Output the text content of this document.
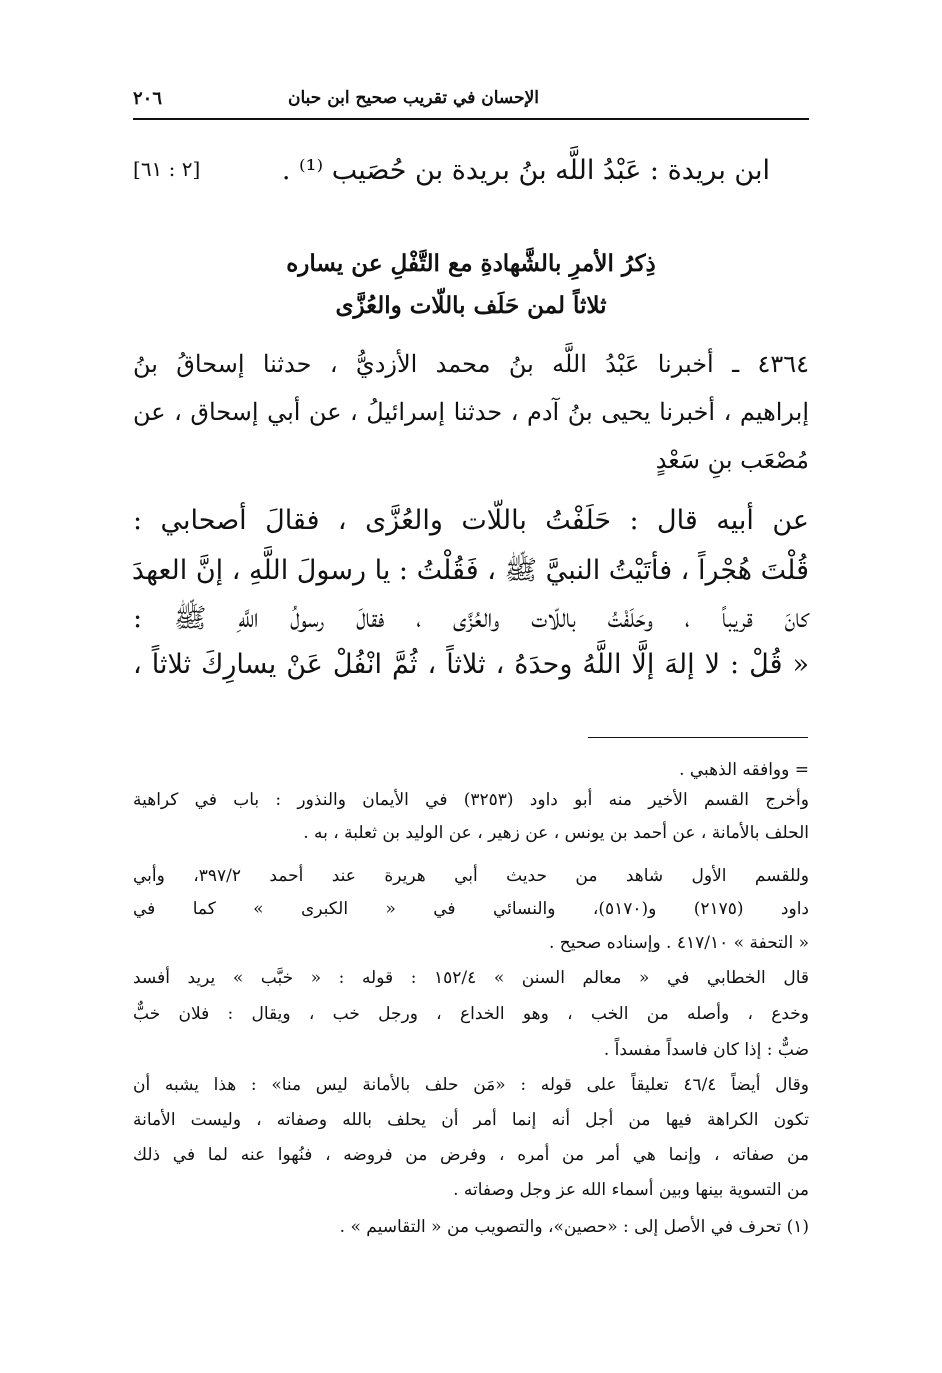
الإحسان في تقريب صحيح ابن حبان
٢٠٦
ابن بريدة : عَبْدُ اللَّه بنُ بريدة بن حُصَيب ⁽¹⁾ .
[٢ : ٦١]
ذِكرُ الأمرِ بالشَّهادةِ مع التَّفْلِ عن يساره
ثلاثاً لمن حَلَف باللّات والعُزَّى
٤٣٦٤ ـ أخبرنا عَبْدُ اللَّه بنُ محمد الأزديُّ ، حدثنا إسحاقُ بنُ
إبراهيم ، أخبرنا يحيى بنُ آدم ، حدثنا إسرائيلُ ، عن أبي إسحاق ، عن
مُصْعَب بنِ سَعْدٍ
عن أبيه قال : حَلَفْتُ باللّات والعُزَّى ، فقالَ أصحابي :
قُلْتَ هُجْراً ، فأتَيْتُ النبيَّ ﷺ ، فَقُلْتُ : يا رسولَ اللَّهِ ، إنَّ العهدَ
كانَ قريباً ، وحَلَفْتُ باللّات والعُزَّى ، فقالَ رسولُ اللَّهِ ﷺ :
« قُلْ : لا إلهَ إلَّا اللَّهُ وحدَهُ ، ثلاثاً ، ثُمَّ انْفُلْ عَنْ يسارِكَ ثلاثاً ،
= ووافقه الذهبي .
وأخرج القسم الأخير منه أبو داود (٣٢٥٣) في الأيمان والنذور : باب في كراهية
الحلف بالأمانة ، عن أحمد بن يونس ، عن زهير ، عن الوليد بن ثعلبة ، به .
وللقسم الأول شاهد من حديث أبي هريرة عند أحمد ٣٩٧/٢، وأبي
داود (٢١٧٥) و(٥١٧٠)، والنسائي في « الكبرى » كما في
« التحفة » ٤١٧/١٠ . وإسناده صحيح .
قال الخطابي في « معالم السنن » ١٥٢/٤ : قوله : « خبَّب » يريد أفسد
وخدع ، وأصله من الخب ، وهو الخداع ، ورجل خب ، ويقال : فلان خبٌّ
ضبٌّ : إذا كان فاسداً مفسداً .
وقال أيضاً ٤٦/٤ تعليقاً على قوله : «مَن حلف بالأمانة ليس منا» : هذا يشبه أن
تكون الكراهة فيها من أجل أنه إنما أمر أن يحلف بالله وصفاته ، وليست الأمانة
من صفاته ، وإنما هي أمر من أمره ، وفرض من فروضه ، فنُهوا عنه لما في ذلك
من التسوية بينها وبين أسماء الله عز وجل وصفاته .
(١) تحرف في الأصل إلى : «حصين»، والتصويب من « التقاسيم » .
